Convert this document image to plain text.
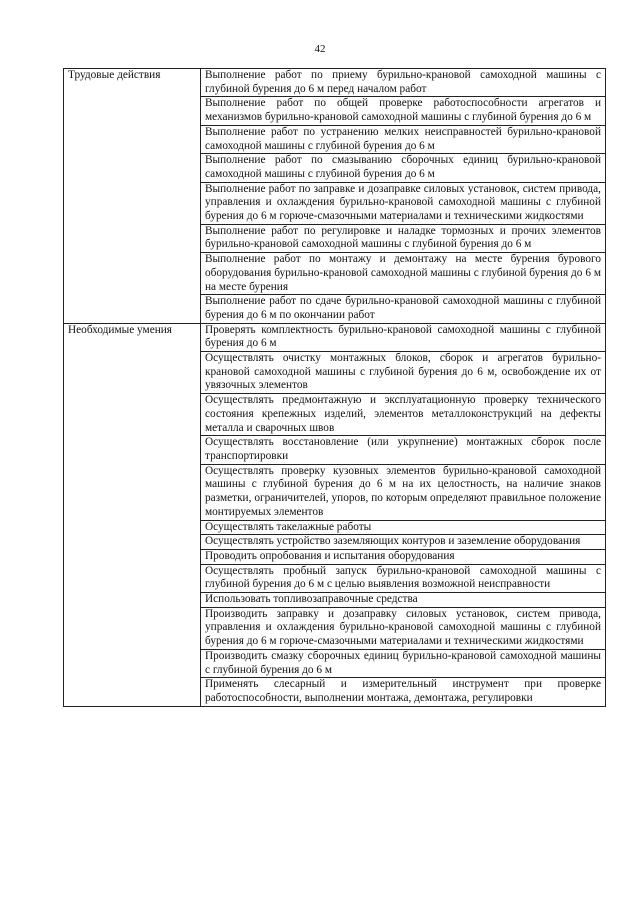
42
Трудовые действия	Выполнение работ по приему бурильно-крановой самоходной машины с глубиной бурения до 6 м перед началом работ
	Выполнение работ по общей проверке работоспособности агрегатов и механизмов бурильно-крановой самоходной машины с глубиной бурения до 6 м
	Выполнение работ по устранению мелких неисправностей бурильно-крановой самоходной машины с глубиной бурения до 6 м
	Выполнение работ по смазыванию сборочных единиц бурильно-крановой самоходной машины с глубиной бурения до 6 м
	Выполнение работ по заправке и дозаправке силовых установок, систем привода, управления и охлаждения бурильно-крановой самоходной машины с глубиной бурения до 6 м горюче-смазочными материалами и техническими жидкостями
	Выполнение работ по регулировке и наладке тормозных и прочих элементов бурильно-крановой самоходной машины с глубиной бурения до 6 м
	Выполнение работ по монтажу и демонтажу на месте бурения бурового оборудования бурильно-крановой самоходной машины с глубиной бурения до 6 м на месте бурения
	Выполнение работ по сдаче бурильно-крановой самоходной машины с глубиной бурения до 6 м по окончании работ
Необходимые умения	Проверять комплектность бурильно-крановой самоходной машины с глубиной бурения до 6 м
	Осуществлять очистку монтажных блоков, сборок и агрегатов бурильно-крановой самоходной машины с глубиной бурения до 6 м, освобождение их от увязочных элементов
	Осуществлять предмонтажную и эксплуатационную проверку технического состояния крепежных изделий, элементов металлоконструкций на дефекты металла и сварочных швов
	Осуществлять восстановление (или укрупнение) монтажных сборок после транспортировки
	Осуществлять проверку кузовных элементов бурильно-крановой самоходной машины с глубиной бурения до 6 м на их целостность, на наличие знаков разметки, ограничителей, упоров, по которым определяют правильное положение монтируемых элементов
	Осуществлять такелажные работы
	Осуществлять устройство заземляющих контуров и заземление оборудования
	Проводить опробования и испытания оборудования
	Осуществлять пробный запуск бурильно-крановой самоходной машины с глубиной бурения до 6 м с целью выявления возможной неисправности
	Использовать топливозаправочные средства
	Производить заправку и дозаправку силовых установок, систем привода, управления и охлаждения бурильно-крановой самоходной машины с глубиной бурения до 6 м горюче-смазочными материалами и техническими жидкостями
	Производить смазку сборочных единиц бурильно-крановой самоходной машины с глубиной бурения до 6 м
	Применять слесарный и измерительный инструмент при проверке работоспособности, выполнении монтажа, демонтажа, регулировки
